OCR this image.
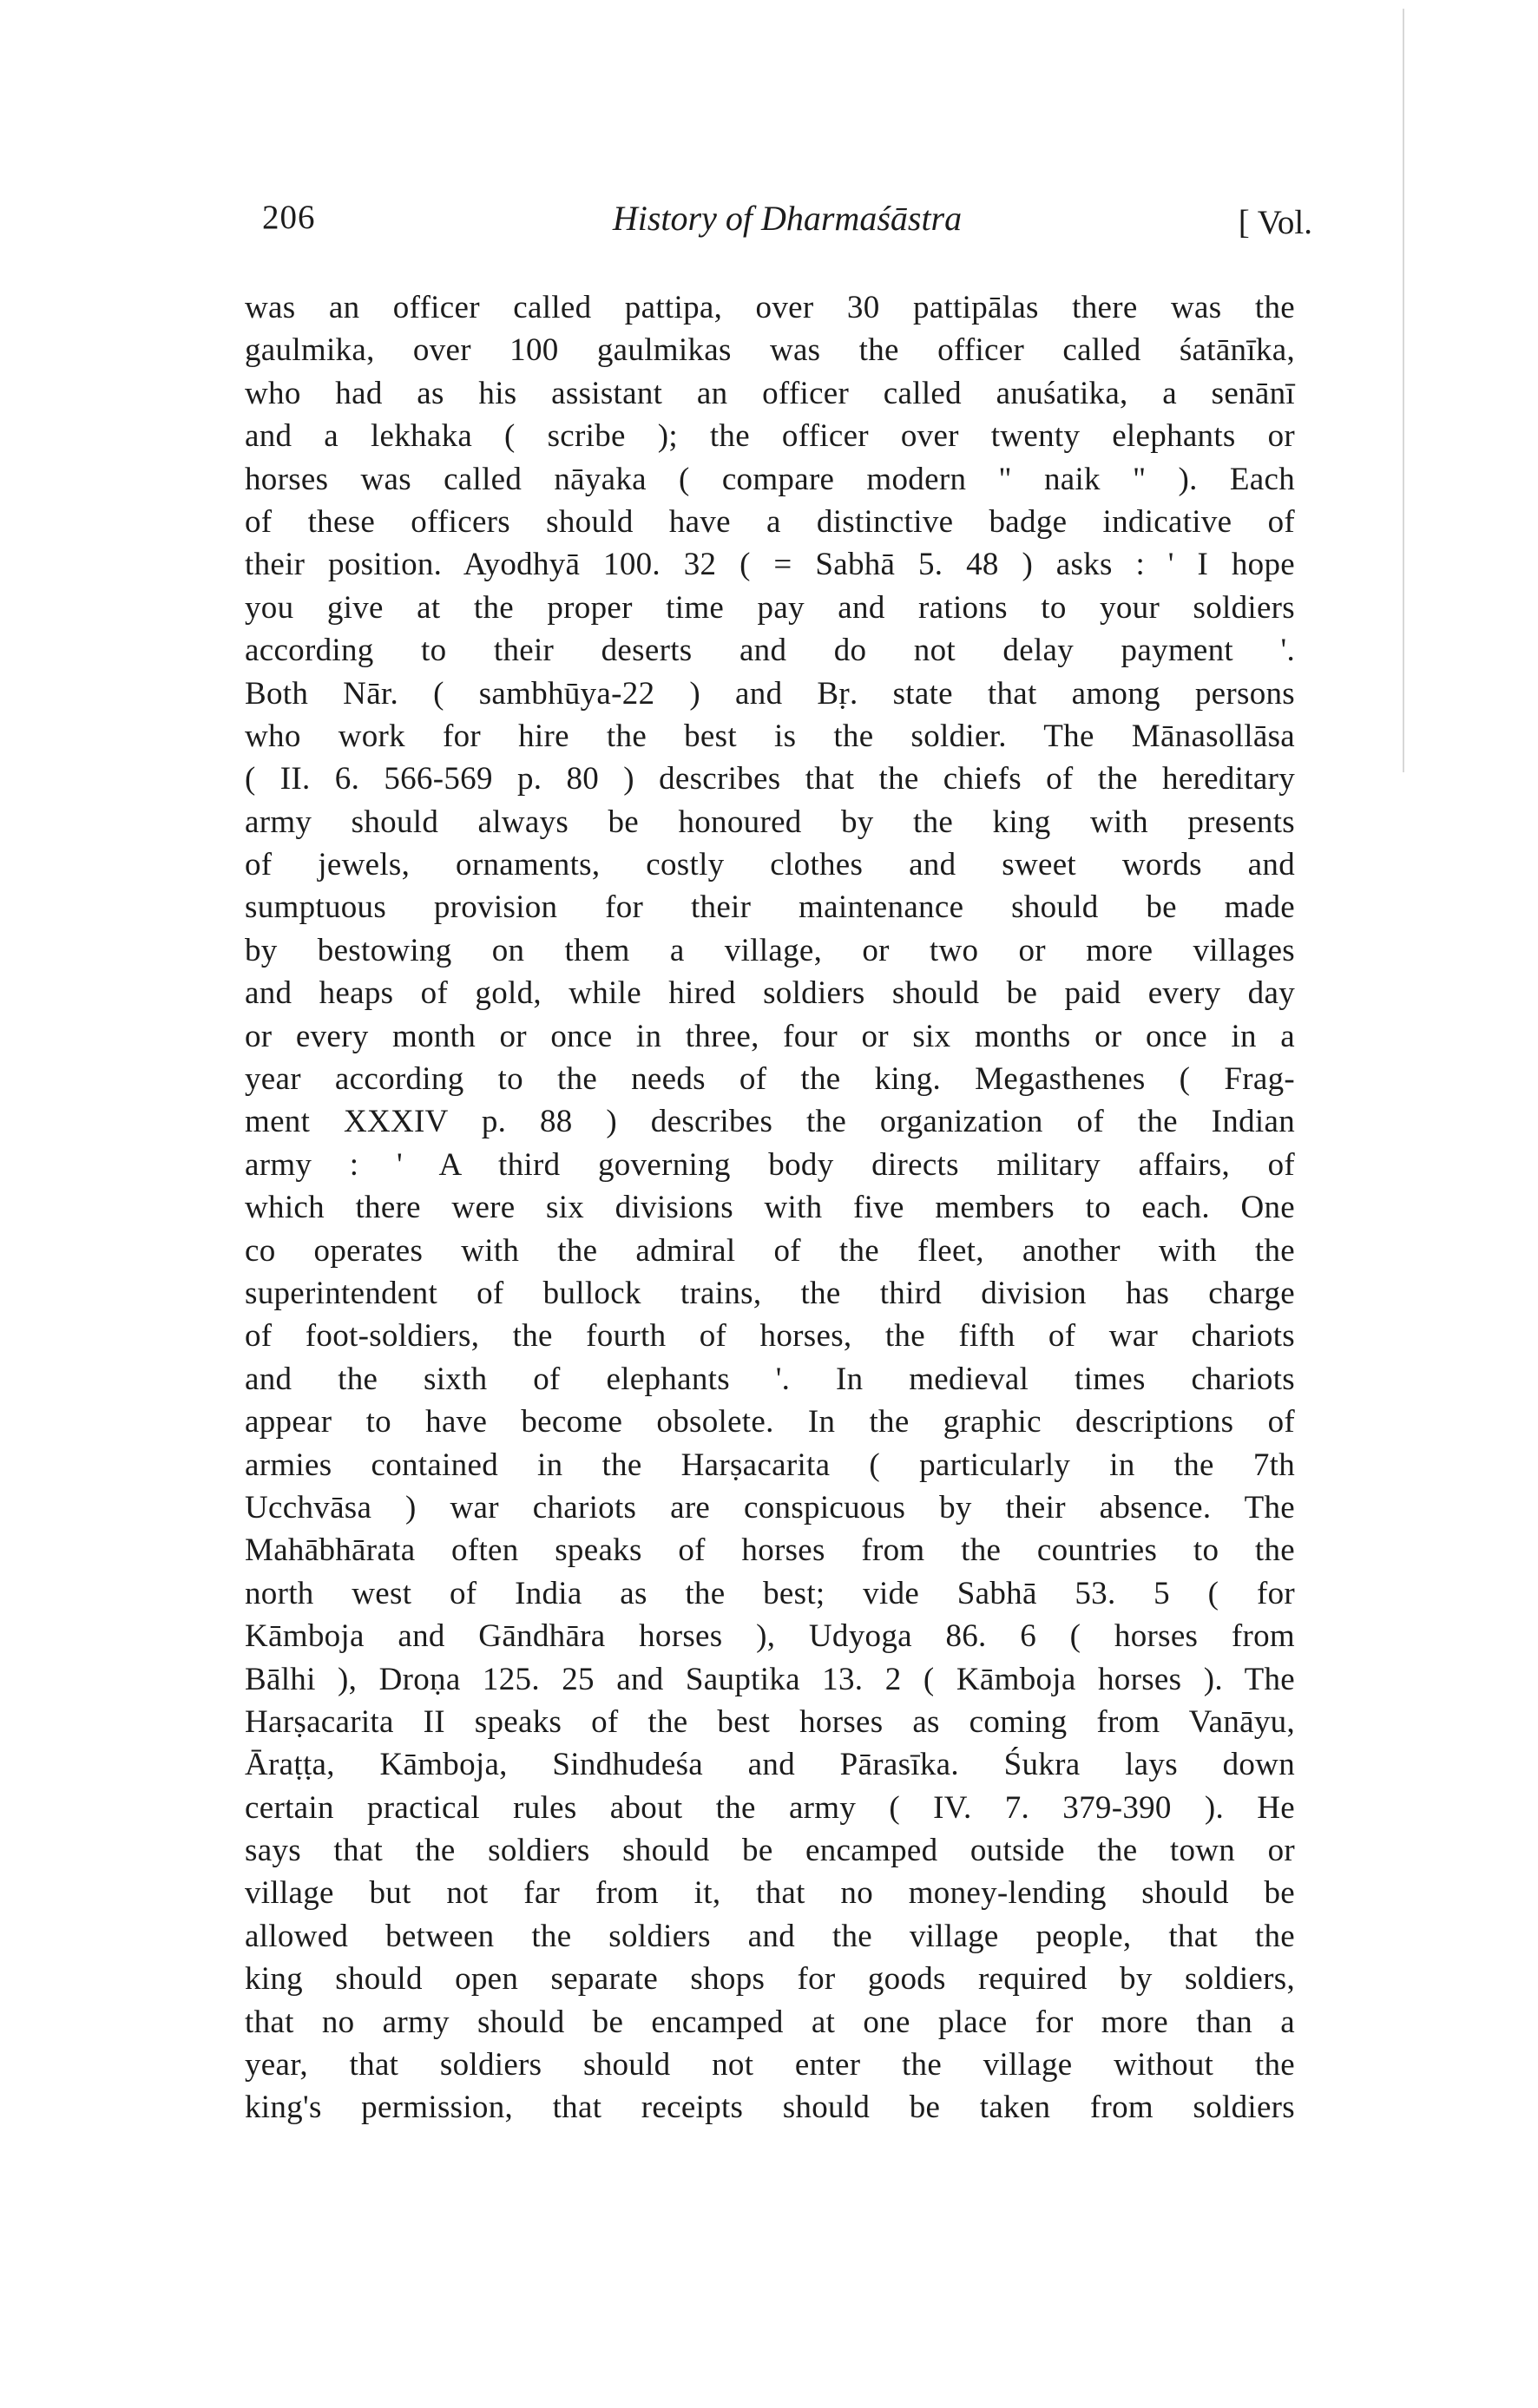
206	History of Dharmaśāstra	[ Vol.
was an officer called pattipa, over 30 pattipālas there was the
gaulmika, over 100 gaulmikas was the officer called śatānīka,
who had as his assistant an officer called anuśatika, a senānī
and a lekhaka ( scribe ); the officer over twenty elephants or
horses was called nāyaka ( compare modern " naik " ). Each
of these officers should have a distinctive badge indicative of
their position. Ayodhyā 100. 32 ( = Sabhā 5. 48 ) asks : ' I hope
you give at the proper time pay and rations to your soldiers
according to their deserts and do not delay payment '.
Both Nār. ( sambhūya-22 ) and Bṛ. state that among persons
who work for hire the best is the soldier. The Mānasollāsa
( II. 6. 566-569 p. 80 ) describes that the chiefs of the hereditary
army should always be honoured by the king with presents
of jewels, ornaments, costly clothes and sweet words and
sumptuous provision for their maintenance should be made
by bestowing on them a village, or two or more villages
and heaps of gold, while hired soldiers should be paid every day
or every month or once in three, four or six months or once in a
year according to the needs of the king. Megasthenes ( Frag-
ment XXXIV p. 88 ) describes the organization of the Indian
army : ' A third governing body directs military affairs, of
which there were six divisions with five members to each. One
co operates with the admiral of the fleet, another with the
superintendent of bullock trains, the third division has charge
of foot-soldiers, the fourth of horses, the fifth of war chariots
and the sixth of elephants '. In medieval times chariots
appear to have become obsolete. In the graphic descriptions of
armies contained in the Harṣacarita ( particularly in the 7th
Ucchvāsa ) war chariots are conspicuous by their absence. The
Mahābhārata often speaks of horses from the countries to the
north west of India as the best; vide Sabhā 53. 5 ( for
Kāmboja and Gāndhāra horses ), Udyoga 86. 6 ( horses from
Bālhi ), Droṇa 125. 25 and Sauptika 13. 2 ( Kāmboja horses ). The
Harṣacarita II speaks of the best horses as coming from Vanāyu,
Āraṭṭa, Kāmboja, Sindhudeśa and Pārasīka. Śukra lays down
certain practical rules about the army ( IV. 7. 379-390 ). He
says that the soldiers should be encamped outside the town or
village but not far from it, that no money-lending should be
allowed between the soldiers and the village people, that the
king should open separate shops for goods required by soldiers,
that no army should be encamped at one place for more than a
year, that soldiers should not enter the village without the
king's permission, that receipts should be taken from soldiers
